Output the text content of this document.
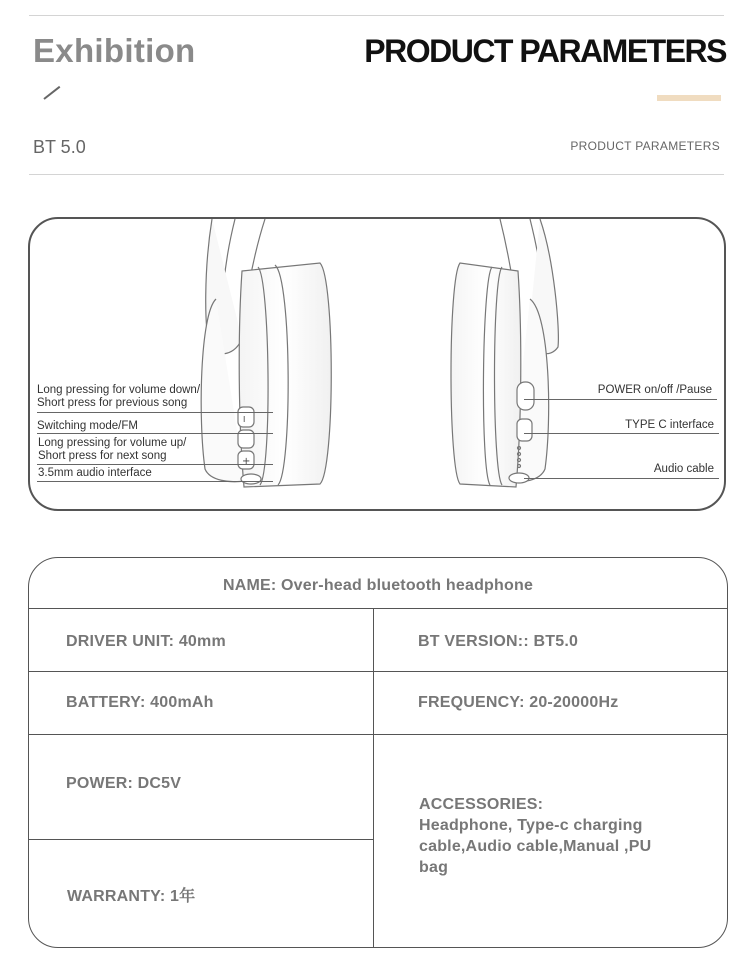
Exhibition	PRODUCT PARAMETERS
BT 5.0	PRODUCT PARAMETERS
I
+
Long pressing for volume down/
Short press for previous song
Switching mode/FM
Long pressing for volume up/
Short press for next song
3.5mm audio interface
POWER on/off /Pause
TYPE C interface
Audio cable
NAME: Over-head bluetooth headphone
DRIVER UNIT: 40mm	BT VERSION:: BT5.0
BATTERY: 400mAh	FREQUENCY: 20-20000Hz
POWER: DC5V
WARRANTY: 1年
ACCESSORIES:
Headphone, Type-c charging
cable,Audio cable,Manual ,PU
bag
